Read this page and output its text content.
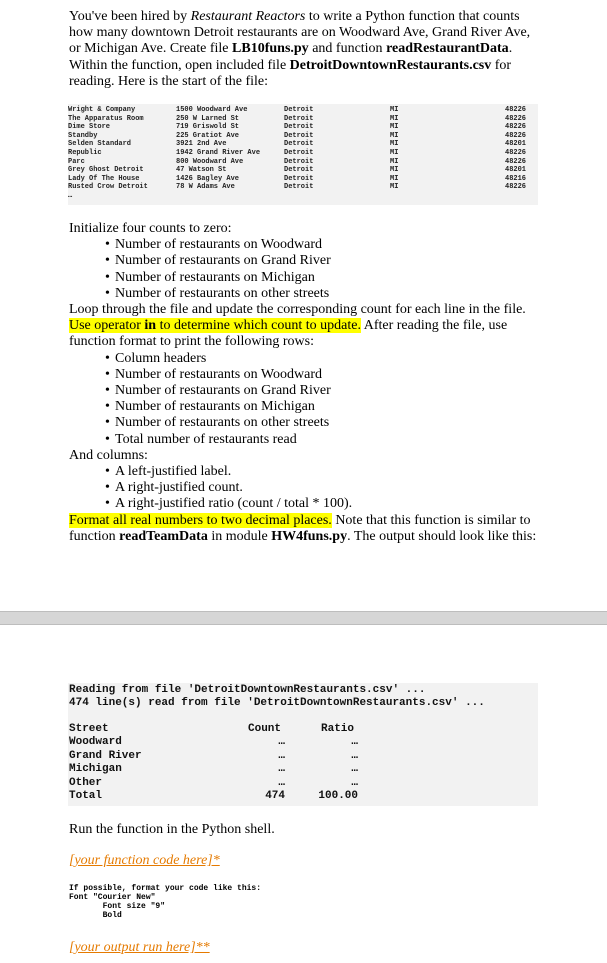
You've been hired by Restaurant Reactors to write a Python function that counts how many downtown Detroit restaurants are on Woodward Ave, Grand River Ave, or Michigan Ave. Create file LB10funs.py and function readRestaurantData. Within the function, open included file DetroitDowntownRestaurants.csv for reading. Here is the start of the file:
Wright & Company	1500 Woodward Ave	Detroit	MI	48226
The Apparatus Room	250 W Larned St	Detroit	MI	48226
Dime Store	719 Griswold St	Detroit	MI	48226
Standby	225 Gratiot Ave	Detroit	MI	48226
Selden Standard	3921 2nd Ave	Detroit	MI	48201
Republic	1942 Grand River Ave	Detroit	MI	48226
Parc	800 Woodward Ave	Detroit	MI	48226
Grey Ghost Detroit	47 Watson St	Detroit	MI	48201
Lady Of The House	1426 Bagley Ave	Detroit	MI	48216
Rusted Crow Detroit	78 W Adams Ave	Detroit	MI	48226
…

Initialize four counts to zero:

• Number of restaurants on Woodward
• Number of restaurants on Grand River
• Number of restaurants on Michigan
• Number of restaurants on other streets

Loop through the file and update the corresponding count for each line in the file. Use operator in to determine which count to update. After reading the file, use function format to print the following rows:

• Column headers
• Number of restaurants on Woodward
• Number of restaurants on Grand River
• Number of restaurants on Michigan
• Number of restaurants on other streets
• Total number of restaurants read

And columns:

• A left-justified label.
• A right-justified count.
• A right-justified ratio (count / total * 100).

Format all real numbers to two decimal places. Note that this function is similar to function readTeamData in module HW4funs.py. The output should look like this:

Reading from file 'DetroitDowntownRestaurants.csv' ...
474 line(s) read from file 'DetroitDowntownRestaurants.csv' ...
Street	Count	Ratio
Woodward	…	…
Grand River	…	…
Michigan	…	…
Other	…	…
Total	474	100.00

Run the function in the Python shell.

[your function code here]*

If possible, format your code like this:
Font "Courier New"
Font size "9"
Bold

[your output run here]**
